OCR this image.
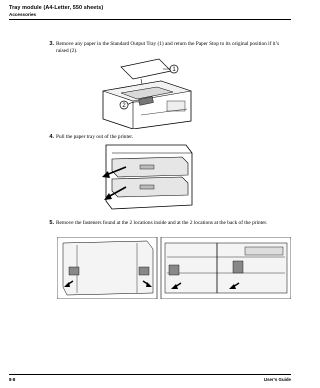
Tray module (A4-Letter, 550 sheets)
Accessories
3. Remove any paper in the Standard Output Tray (1) and return the Paper Stop to its original position if it’s raised (2).
1
2
4. Pull the paper tray out of the printer.
5. Remove the fasteners found at the 2 locations inside and at the 2 locations at the back of the printer.
8-8	User’s Guide
